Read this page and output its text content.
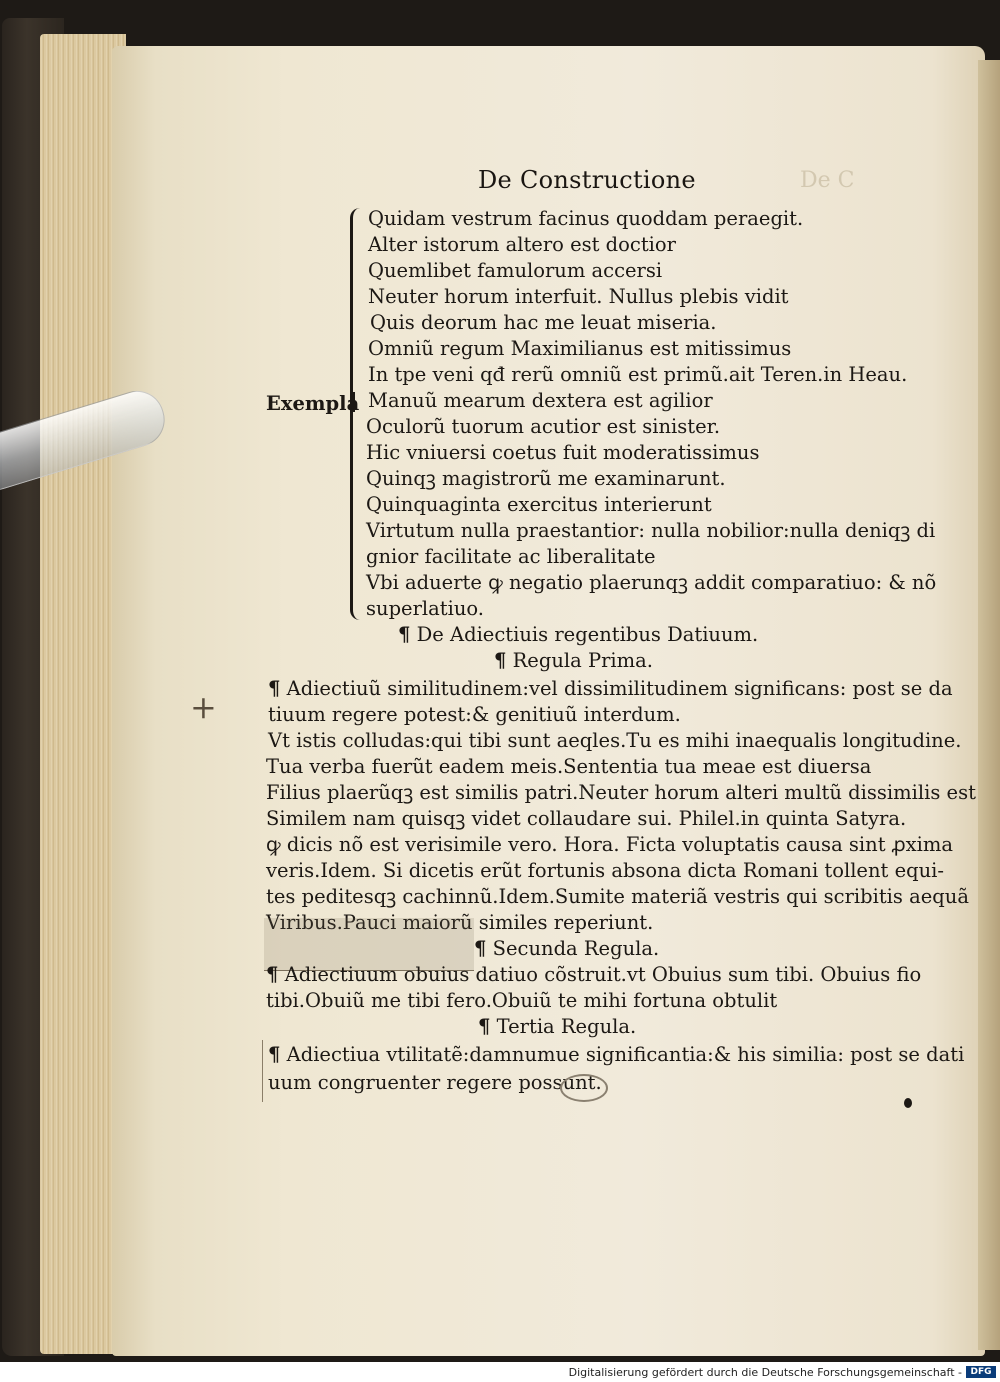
De Constructione	De C
Exempla
Quidam vestrum facinus quoddam peraegit.
Alter istorum altero est doctior
Quemlibet famulorum accersi
Neuter horum interfuit. Nullus plebis vidit
Quis deorum hac me leuat miseria.
Omniũ regum Maximilianus est mitissimus
In tpe veni qđ rerũ omniũ est primũ.ait Teren.in Heau.
Manuũ mearum dextera est agilior
Oculorũ tuorum acutior est sinister.
Hic vniuersi coetus fuit moderatissimus
Quinqꝫ magistrorũ me examinarunt.
Quinquaginta exercitus interierunt
Virtutum nulla praestantior: nulla nobilior:nulla deniqꝫ di
gnior facilitate ac liberalitate
Vbi aduerte ꝙ negatio plaerunqꝫ addit comparatiuo: & nõ
superlatiuo.
¶ De Adiectiuis regentibus Datiuum.
¶ Regula Prima.
+	¶ Adiectiuũ similitudinem:vel dissimilitudinem significans: post se da
tiuum regere potest:& genitiuũ interdum.
Vt istis colludas:qui tibi sunt aeqles.Tu es mihi inaequalis longitudine.
Tua verba fuerũt eadem meis.Sententia tua meae est diuersa
Filius plaerũqꝫ est similis patri.Neuter horum alteri multũ dissimilis est
Similem nam quisqꝫ videt collaudare sui. Philel.in quinta Satyra.
ꝙ dicis nõ est verisimile vero. Hora. Ficta voluptatis causa sint ꝓxima
veris.Idem. Si dicetis erũt fortunis absona dicta Romani tollent equi-
tes peditesqꝫ cachinnũ.Idem.Sumite materiã vestris qui scribitis aequã
Viribus.Pauci maiorũ similes reperiunt.
¶ Secunda Regula.
¶ Adiectiuum obuius datiuo cõstruit.vt Obuius sum tibi. Obuius fio
tibi.Obuiũ me tibi fero.Obuiũ te mihi fortuna obtulit
¶ Tertia Regula.
¶ Adiectiua vtilitatẽ:damnumue significantia:& his similia: post se dati
uum congruenter regere possunt.
Digitalisierung gefördert durch die Deutsche Forschungsgemeinschaft - DFG
